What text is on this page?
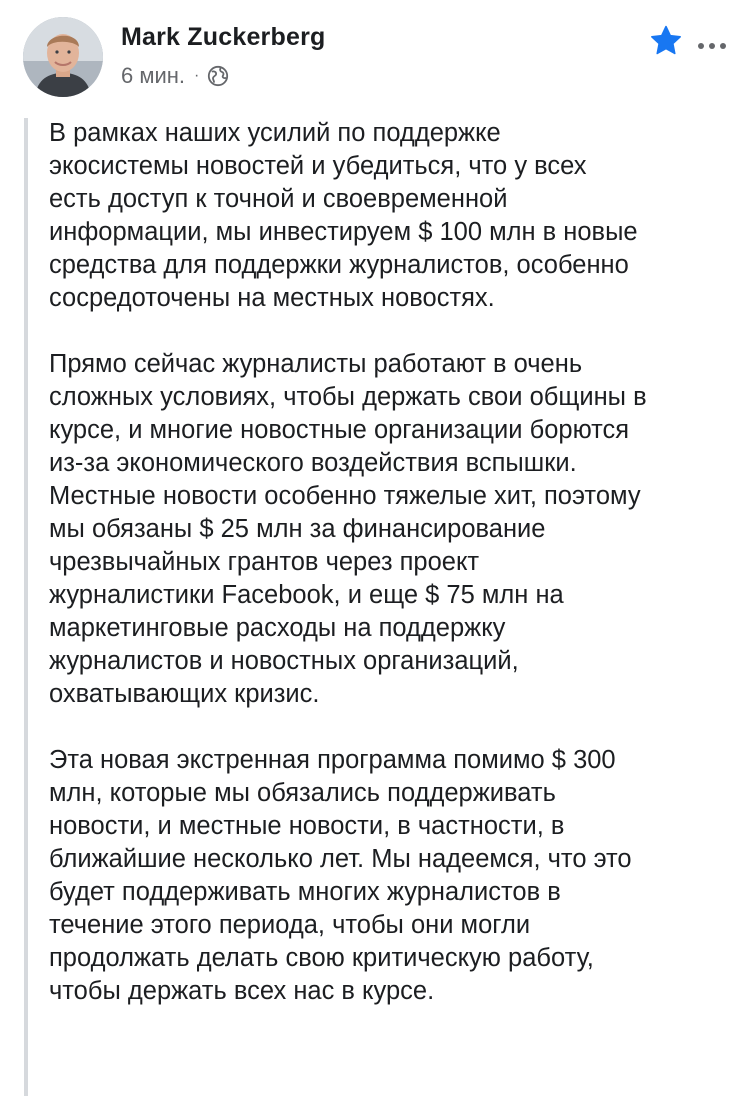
Mark Zuckerberg
6 мин. ·

В рамках наших усилий по поддержке
экосистемы новостей и убедиться, что у всех
есть доступ к точной и своевременной
информации, мы инвестируем $ 100 млн в новые
средства для поддержки журналистов, особенно
сосредоточены на местных новостях.

Прямо сейчас журналисты работают в очень
сложных условиях, чтобы держать свои общины в
курсе, и многие новостные организации борются
из-за экономического воздействия вспышки.
Местные новости особенно тяжелые хит, поэтому
мы обязаны $ 25 млн за финансирование
чрезвычайных грантов через проект
журналистики Facebook, и еще $ 75 млн на
маркетинговые расходы на поддержку
журналистов и новостных организаций,
охватывающих кризис.

Эта новая экстренная программа помимо $ 300
млн, которые мы обязались поддерживать
новости, и местные новости, в частности, в
ближайшие несколько лет. Мы надеемся, что это
будет поддерживать многих журналистов в
течение этого периода, чтобы они могли
продолжать делать свою критическую работу,
чтобы держать всех нас в курсе.
